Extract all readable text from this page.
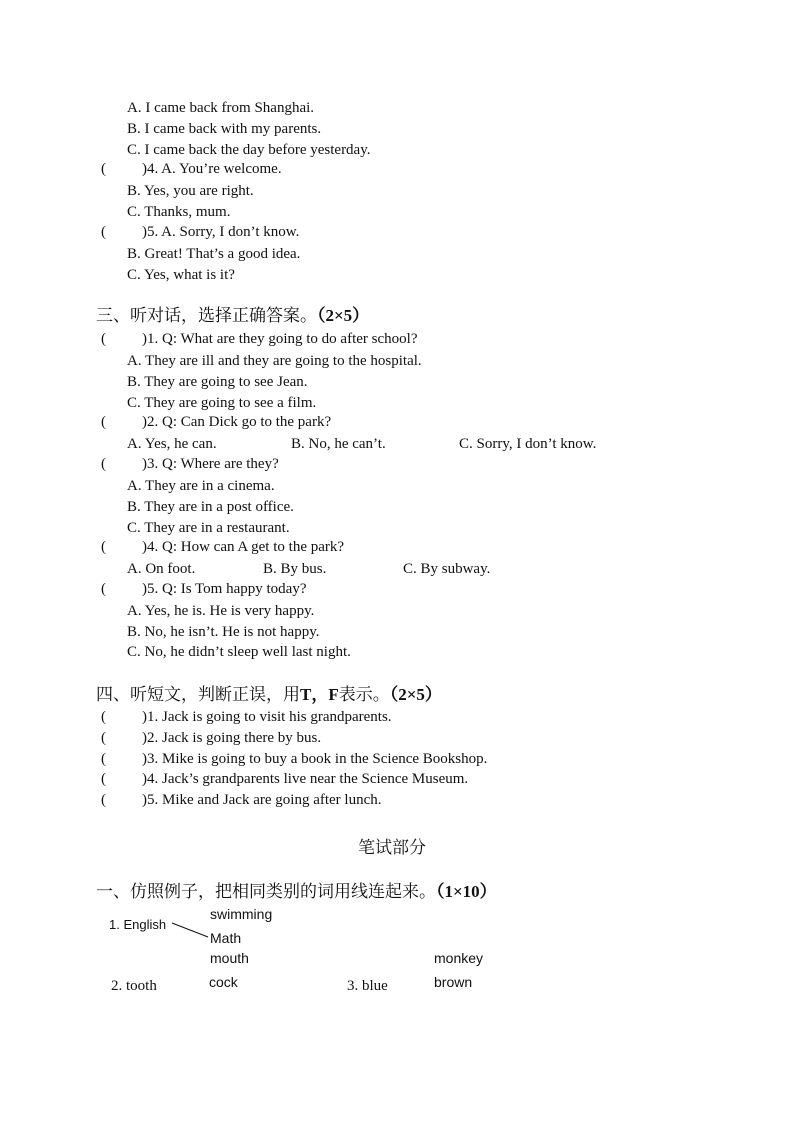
A. I came back from Shanghai.
B. I came back with my parents.
C. I came back the day before yesterday.
( )4. A. You’re welcome.
B. Yes, you are right.
C. Thanks, mum.
( )5. A. Sorry, I don’t know.
B. Great! That’s a good idea.
C. Yes, what is it?
三、听对话，选择正确答案。（2×5）
( )1. Q: What are they going to do after school?
A. They are ill and they are going to the hospital.
B. They are going to see Jean.
C. They are going to see a film.
( )2. Q: Can Dick go to the park?
A. Yes, he can.	B. No, he can’t.	C. Sorry, I don’t know.
( )3. Q: Where are they?
A. They are in a cinema.
B. They are in a post office.
C. They are in a restaurant.
( )4. Q: How can A get to the park?
A. On foot.	B. By bus.	C. By subway.
( )5. Q: Is Tom happy today?
A. Yes, he is. He is very happy.
B. No, he isn’t. He is not happy.
C. No, he didn’t sleep well last night.
四、听短文，判断正误，用T，F表示。（2×5）
( )1. Jack is going to visit his grandparents.
( )2. Jack is going there by bus.
( )3. Mike is going to buy a book in the Science Bookshop.
( )4. Jack’s grandparents live near the Science Museum.
( )5. Mike and Jack are going after lunch.
笔试部分
一、仿照例子，把相同类别的词用线连起来。（1×10）
1. English
swimming
Math
mouth
cock
monkey
brown
2. tooth	3. blue
